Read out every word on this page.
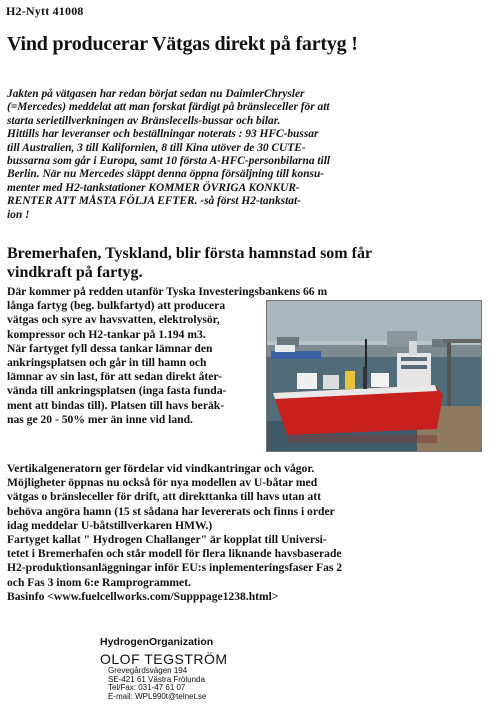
H2-Nytt 41008
Vind producerar Vätgas direkt på fartyg !
Jakten på vätgasen har redan börjat sedan nu DaimlerChrysler
(=Mercedes) meddelat att man forskat färdigt på bränsleceller för att
starta serietillverkningen av Bränslecells-bussar och bilar.
Hittills har leveranser och beställningar noterats : 93 HFC-bussar
till Australien, 3 till Kalifornien, 8 till Kina utöver de 30 CUTE-
bussarna som går i Europa, samt 10 första A-HFC-personbilarna till
Berlin. När nu Mercedes släppt denna öppna försäljning till konsu-
menter med H2-tankstationer KOMMER ÖVRIGA KONKUR-
RENTER ATT MÅSTA FÖLJA EFTER. -så först H2-tankstat-
ion !
Bremerhafen, Tyskland, blir första hamnstad som får
vindkraft på fartyg.
Där kommer på redden utanför Tyska Investeringsbankens 66 m
långa fartyg (beg. bulkfartyd) att producera
vätgas och syre av havsvatten, elektrolysör,
kompressor och H2-tankar på 1.194 m3.
När fartyget fyll dessa tankar lämnar den
ankringsplatsen och går in till hamn och
lämnar av sin last, för att sedan direkt åter-
vända till ankringsplatsen (inga fasta funda-
ment att bindas till). Platsen till havs beräk-
nas ge 20 - 50% mer än inne vid land.
Vertikalgeneratorn ger fördelar vid vindkantringar och vågor.
Möjligheter öppnas nu också för nya modellen av U-båtar med
vätgas o bränsleceller för drift, att direkttanka till havs utan att
behöva angöra hamn (15 st sådana har levererats och finns i order
idag meddelar U-båtstillverkaren HMW.)
Fartyget kallat " Hydrogen Challanger" är kopplat till Universi-
tetet i Bremerhafen och står modell för flera liknande havsbaserade
H2-produktionsanläggningar inför EU:s inplementeringsfaser Fas 2
och Fas 3 inom 6:e Ramprogrammet.
Basinfo <www.fuelcellworks.com/Supppage1238.html>
HydrogenOrganization
OLOF TEGSTRÖM
Grevegårdsvägen 194
SE-421 61 Västra Frölunda
Tel/Fax: 031-47 61 07
E-mail: WPL990t@telnet.se
